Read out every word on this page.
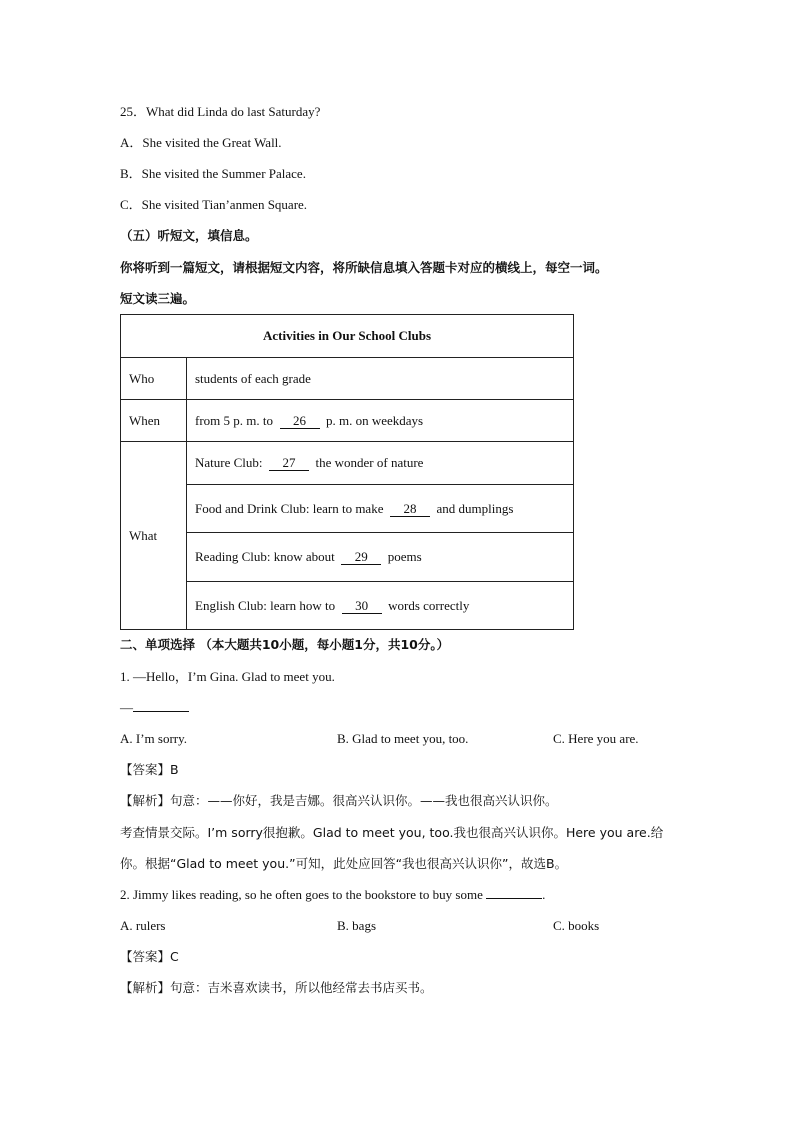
25．What did Linda do last Saturday?
A．She visited the Great Wall.
B．She visited the Summer Palace.
C．She visited Tian’anmen Square.
（五）听短文，填信息。
你将听到一篇短文，请根据短文内容，将所缺信息填入答题卡对应的横线上，每空一词。
短文读三遍。
Activities in Our School Clubs	
Who	students of each grade
When	from 5 p. m. to 26 p. m. on weekdays
What	Nature Club: 27 the wonder of nature
	Food and Drink Club: learn to make 28 and dumplings
	Reading Club: know about 29 poems
	English Club: learn how to 30 words correctly
二、单项选择 （本大题共10小题，每小题1分，共10分。）
1. —Hello，I’m Gina. Glad to meet you.
—
A. I’m sorry.	B. Glad to meet you, too.	C. Here you are.
【答案】B
【解析】句意：——你好，我是吉娜。很高兴认识你。——我也很高兴认识你。
考查情景交际。I’m sorry很抱歉。Glad to meet you, too.我也很高兴认识你。Here you are.给
你。根据“Glad to meet you.”可知，此处应回答“我也很高兴认识你”，故选B。
2. Jimmy likes reading, so he often goes to the bookstore to buy some	.
A. rulers	B. bags	C. books
【答案】C
【解析】句意：吉米喜欢读书，所以他经常去书店买书。
